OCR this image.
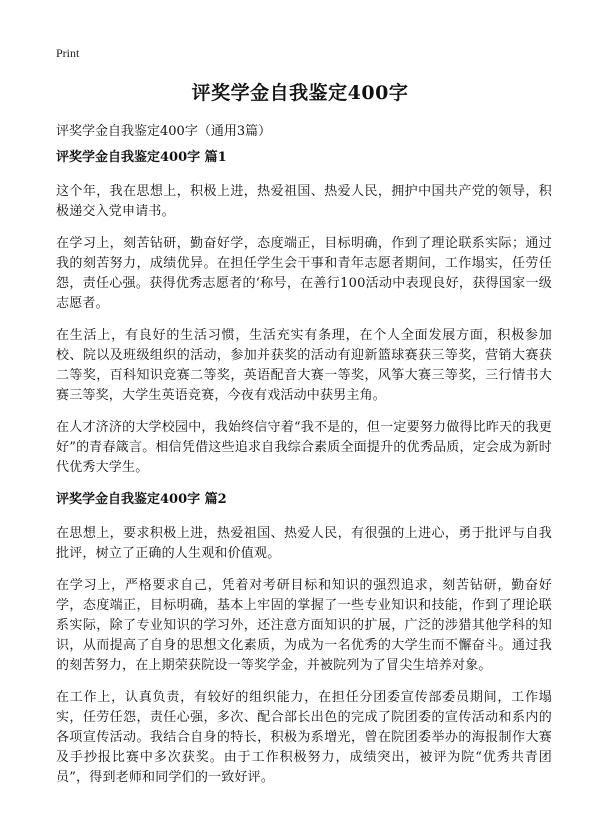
Print
评奖学金自我鉴定400字
评奖学金自我鉴定400字（通用3篇）
评奖学金自我鉴定400字 篇1

这个年，我在思想上，积极上进，热爱祖国、热爱人民，拥护中国共产党的领导，积极递交入党申请书。

在学习上，刻苦钻研，勤奋好学，态度端正，目标明确，作到了理论联系实际；通过我的刻苦努力，成绩优异。在担任学生会干事和青年志愿者期间，工作塌实，任劳任怨，责任心强。获得优秀志愿者的‘称号，在善行100活动中表现良好，获得国家一级志愿者。

在生活上，有良好的生活习惯，生活充实有条理，在个人全面发展方面，积极参加校、院以及班级组织的活动，参加并获奖的活动有迎新篮球赛获三等奖，营销大赛获二等奖，百科知识竞赛二等奖，英语配音大赛一等奖，风筝大赛三等奖，三行情书大赛三等奖，大学生英语竞赛，今夜有戏活动中获男主角。

在人才济济的大学校园中，我始终信守着“我不是的，但一定要努力做得比昨天的我更好”的青春箴言。相信凭借这些追求自我综合素质全面提升的优秀品质，定会成为新时代优秀大学生。

评奖学金自我鉴定400字 篇2

在思想上，要求积极上进，热爱祖国、热爱人民，有很强的上进心，勇于批评与自我批评，树立了正确的人生观和价值观。

在学习上，严格要求自己，凭着对考研目标和知识的强烈追求，刻苦钻研，勤奋好学，态度端正，目标明确，基本上牢固的掌握了一些专业知识和技能，作到了理论联系实际，除了专业知识的学习外，还注意方面知识的扩展，广泛的涉猎其他学科的知识，从而提高了自身的思想文化素质，为成为一名优秀的大学生而不懈奋斗。通过我的刻苦努力，在上期荣获院设一等奖学金，并被院列为了冒尖生培养对象。

在工作上，认真负责，有较好的组织能力，在担任分团委宣传部委员期间，工作塌实，任劳任怨，责任心强，多次、配合部长出色的完成了院团委的宣传活动和系内的各项宣传活动。我结合自身的特长，积极为系增光，曾在院团委举办的海报制作大赛及手抄报比赛中多次获奖。由于工作积极努力，成绩突出，被评为院“优秀共青团员”，得到老师和同学们的一致好评。
